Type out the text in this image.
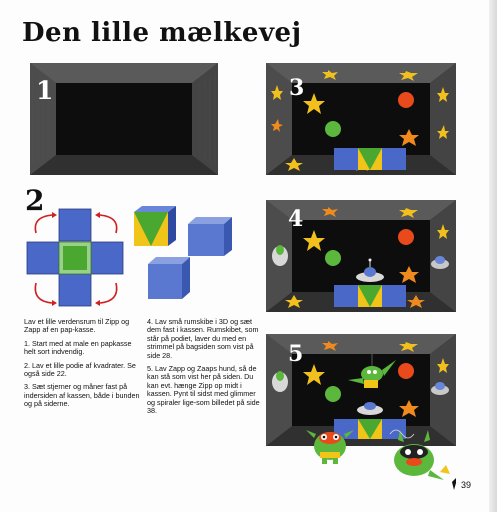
Den lille mælkevej
1	3
2
4
5

Lav et lille verdensrum til Zipp og Zapp af en pap-kasse.

1. Start med at male en papkasse helt sort indvendig.

2. Lav et lille podie af kvadrater. Se også side 22.

3. Sæt stjerner og måner fast på indersiden af kassen, både i bunden og på siderne.

4. Lav små rumskibe i 3D og sæt dem fast i kassen. Rumskibet, som står på podiet, laver du med en strimmel på bagsiden som vist på side 28.

5. Lav Zapp og Zaaps hund, så de kan stå som vist her på siden. Du kan evt. hænge Zipp op midt i kassen. Pynt til sidst med glimmer og spiraler lige-som billedet på side 38.

39
